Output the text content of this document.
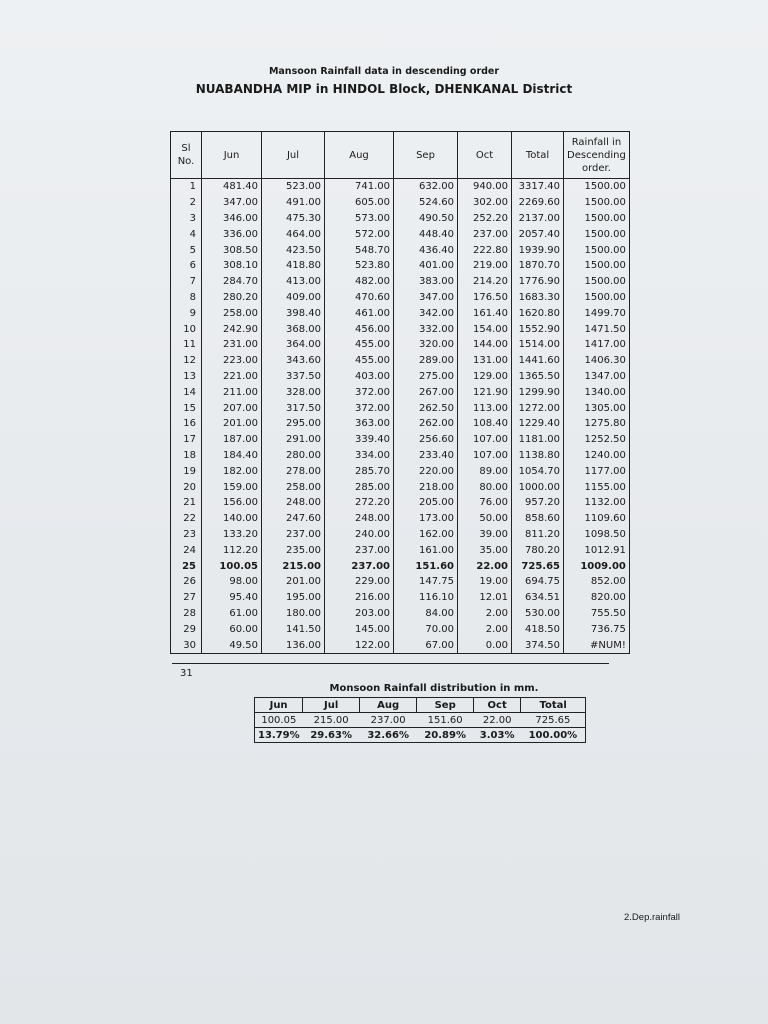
Mansoon Rainfall data in descending order
NUABANDHA MIP in HINDOL Block, DHENKANAL District
Sl No.	Jun	Jul	Aug	Sep	Oct	Total	Rainfall in Descending order.
1	481.40	523.00	741.00	632.00	940.00	3317.40	1500.00
2	347.00	491.00	605.00	524.60	302.00	2269.60	1500.00
3	346.00	475.30	573.00	490.50	252.20	2137.00	1500.00
4	336.00	464.00	572.00	448.40	237.00	2057.40	1500.00
5	308.50	423.50	548.70	436.40	222.80	1939.90	1500.00
6	308.10	418.80	523.80	401.00	219.00	1870.70	1500.00
7	284.70	413.00	482.00	383.00	214.20	1776.90	1500.00
8	280.20	409.00	470.60	347.00	176.50	1683.30	1500.00
9	258.00	398.40	461.00	342.00	161.40	1620.80	1499.70
10	242.90	368.00	456.00	332.00	154.00	1552.90	1471.50
11	231.00	364.00	455.00	320.00	144.00	1514.00	1417.00
12	223.00	343.60	455.00	289.00	131.00	1441.60	1406.30
13	221.00	337.50	403.00	275.00	129.00	1365.50	1347.00
14	211.00	328.00	372.00	267.00	121.90	1299.90	1340.00
15	207.00	317.50	372.00	262.50	113.00	1272.00	1305.00
16	201.00	295.00	363.00	262.00	108.40	1229.40	1275.80
17	187.00	291.00	339.40	256.60	107.00	1181.00	1252.50
18	184.40	280.00	334.00	233.40	107.00	1138.80	1240.00
19	182.00	278.00	285.70	220.00	89.00	1054.70	1177.00
20	159.00	258.00	285.00	218.00	80.00	1000.00	1155.00
21	156.00	248.00	272.20	205.00	76.00	957.20	1132.00
22	140.00	247.60	248.00	173.00	50.00	858.60	1109.60
23	133.20	237.00	240.00	162.00	39.00	811.20	1098.50
24	112.20	235.00	237.00	161.00	35.00	780.20	1012.91
25	100.05	215.00	237.00	151.60	22.00	725.65	1009.00
26	98.00	201.00	229.00	147.75	19.00	694.75	852.00
27	95.40	195.00	216.00	116.10	12.01	634.51	820.00
28	61.00	180.00	203.00	84.00	2.00	530.00	755.50
29	60.00	141.50	145.00	70.00	2.00	418.50	736.75
30	49.50	136.00	122.00	67.00	0.00	374.50	#NUM!
31
Monsoon Rainfall distribution in mm.
Jun	Jul	Aug	Sep	Oct	Total
100.05	215.00	237.00	151.60	22.00	725.65
13.79%	29.63%	32.66%	20.89%	3.03%	100.00%
2.Dep.rainfall
